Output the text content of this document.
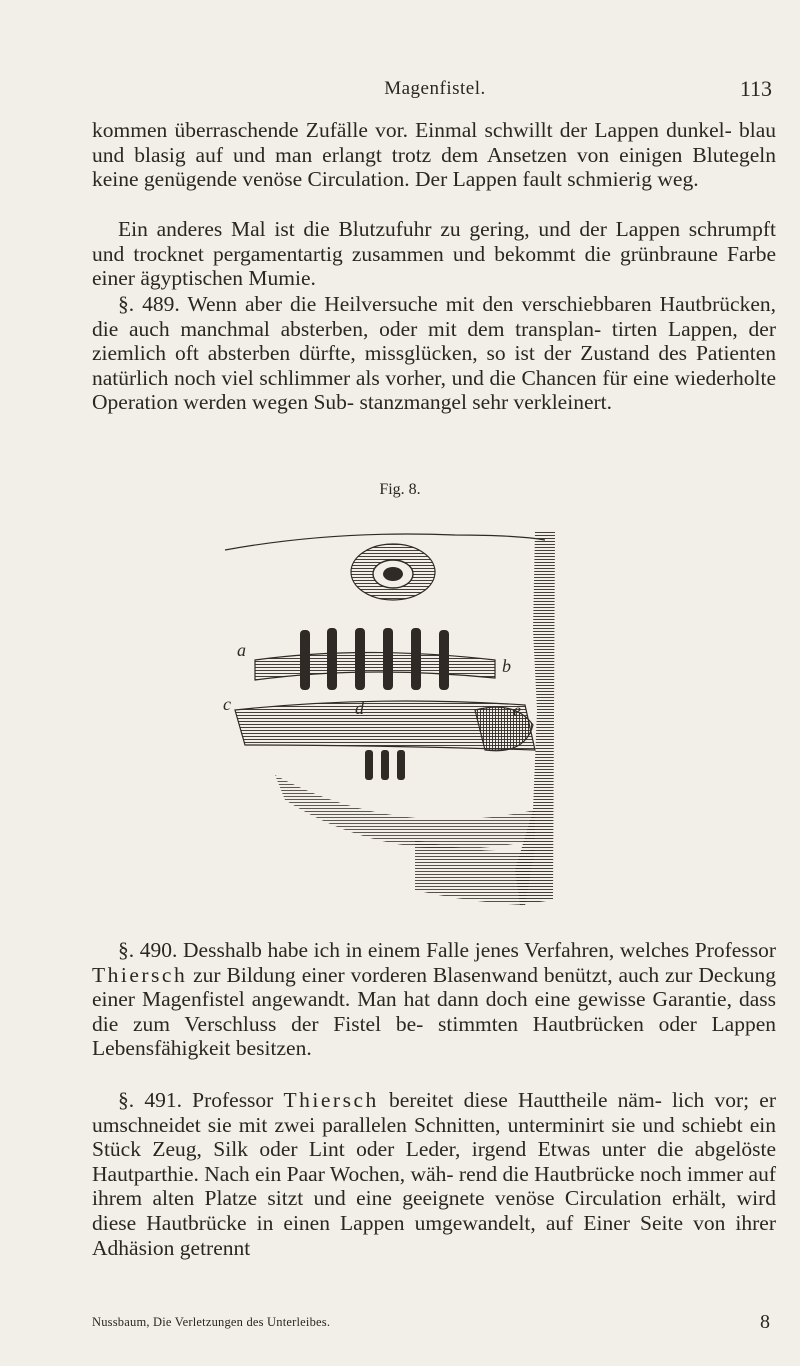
Magenfistel.	113

kommen überraschende Zufälle vor. Einmal schwillt der Lappen dunkel- blau und blasig auf und man erlangt trotz dem Ansetzen von einigen Blutegeln keine genügende venöse Circulation. Der Lappen fault schmierig weg.

Ein anderes Mal ist die Blutzufuhr zu gering, und der Lappen schrumpft und trocknet pergamentartig zusammen und bekommt die grünbraune Farbe einer ägyptischen Mumie.

§. 489. Wenn aber die Heilversuche mit den verschiebbaren Hautbrücken, die auch manchmal absterben, oder mit dem transplan- tirten Lappen, der ziemlich oft absterben dürfte, missglücken, so ist der Zustand des Patienten natürlich noch viel schlimmer als vorher, und die Chancen für eine wiederholte Operation werden wegen Sub- stanzmangel sehr verkleinert.

Fig. 8.
a
b
c	d	e

§. 490. Desshalb habe ich in einem Falle jenes Verfahren, welches Professor Thiersch zur Bildung einer vorderen Blasenwand benützt, auch zur Deckung einer Magenfistel angewandt. Man hat dann doch eine gewisse Garantie, dass die zum Verschluss der Fistel be- stimmten Hautbrücken oder Lappen Lebensfähigkeit besitzen.

§. 491. Professor Thiersch bereitet diese Hauttheile näm- lich vor; er umschneidet sie mit zwei parallelen Schnitten, unterminirt sie und schiebt ein Stück Zeug, Silk oder Lint oder Leder, irgend Etwas unter die abgelöste Hautparthie. Nach ein Paar Wochen, wäh- rend die Hautbrücke noch immer auf ihrem alten Platze sitzt und eine geeignete venöse Circulation erhält, wird diese Hautbrücke in einen Lappen umgewandelt, auf Einer Seite von ihrer Adhäsion getrennt

Nussbaum, Die Verletzungen des Unterleibes.	8
